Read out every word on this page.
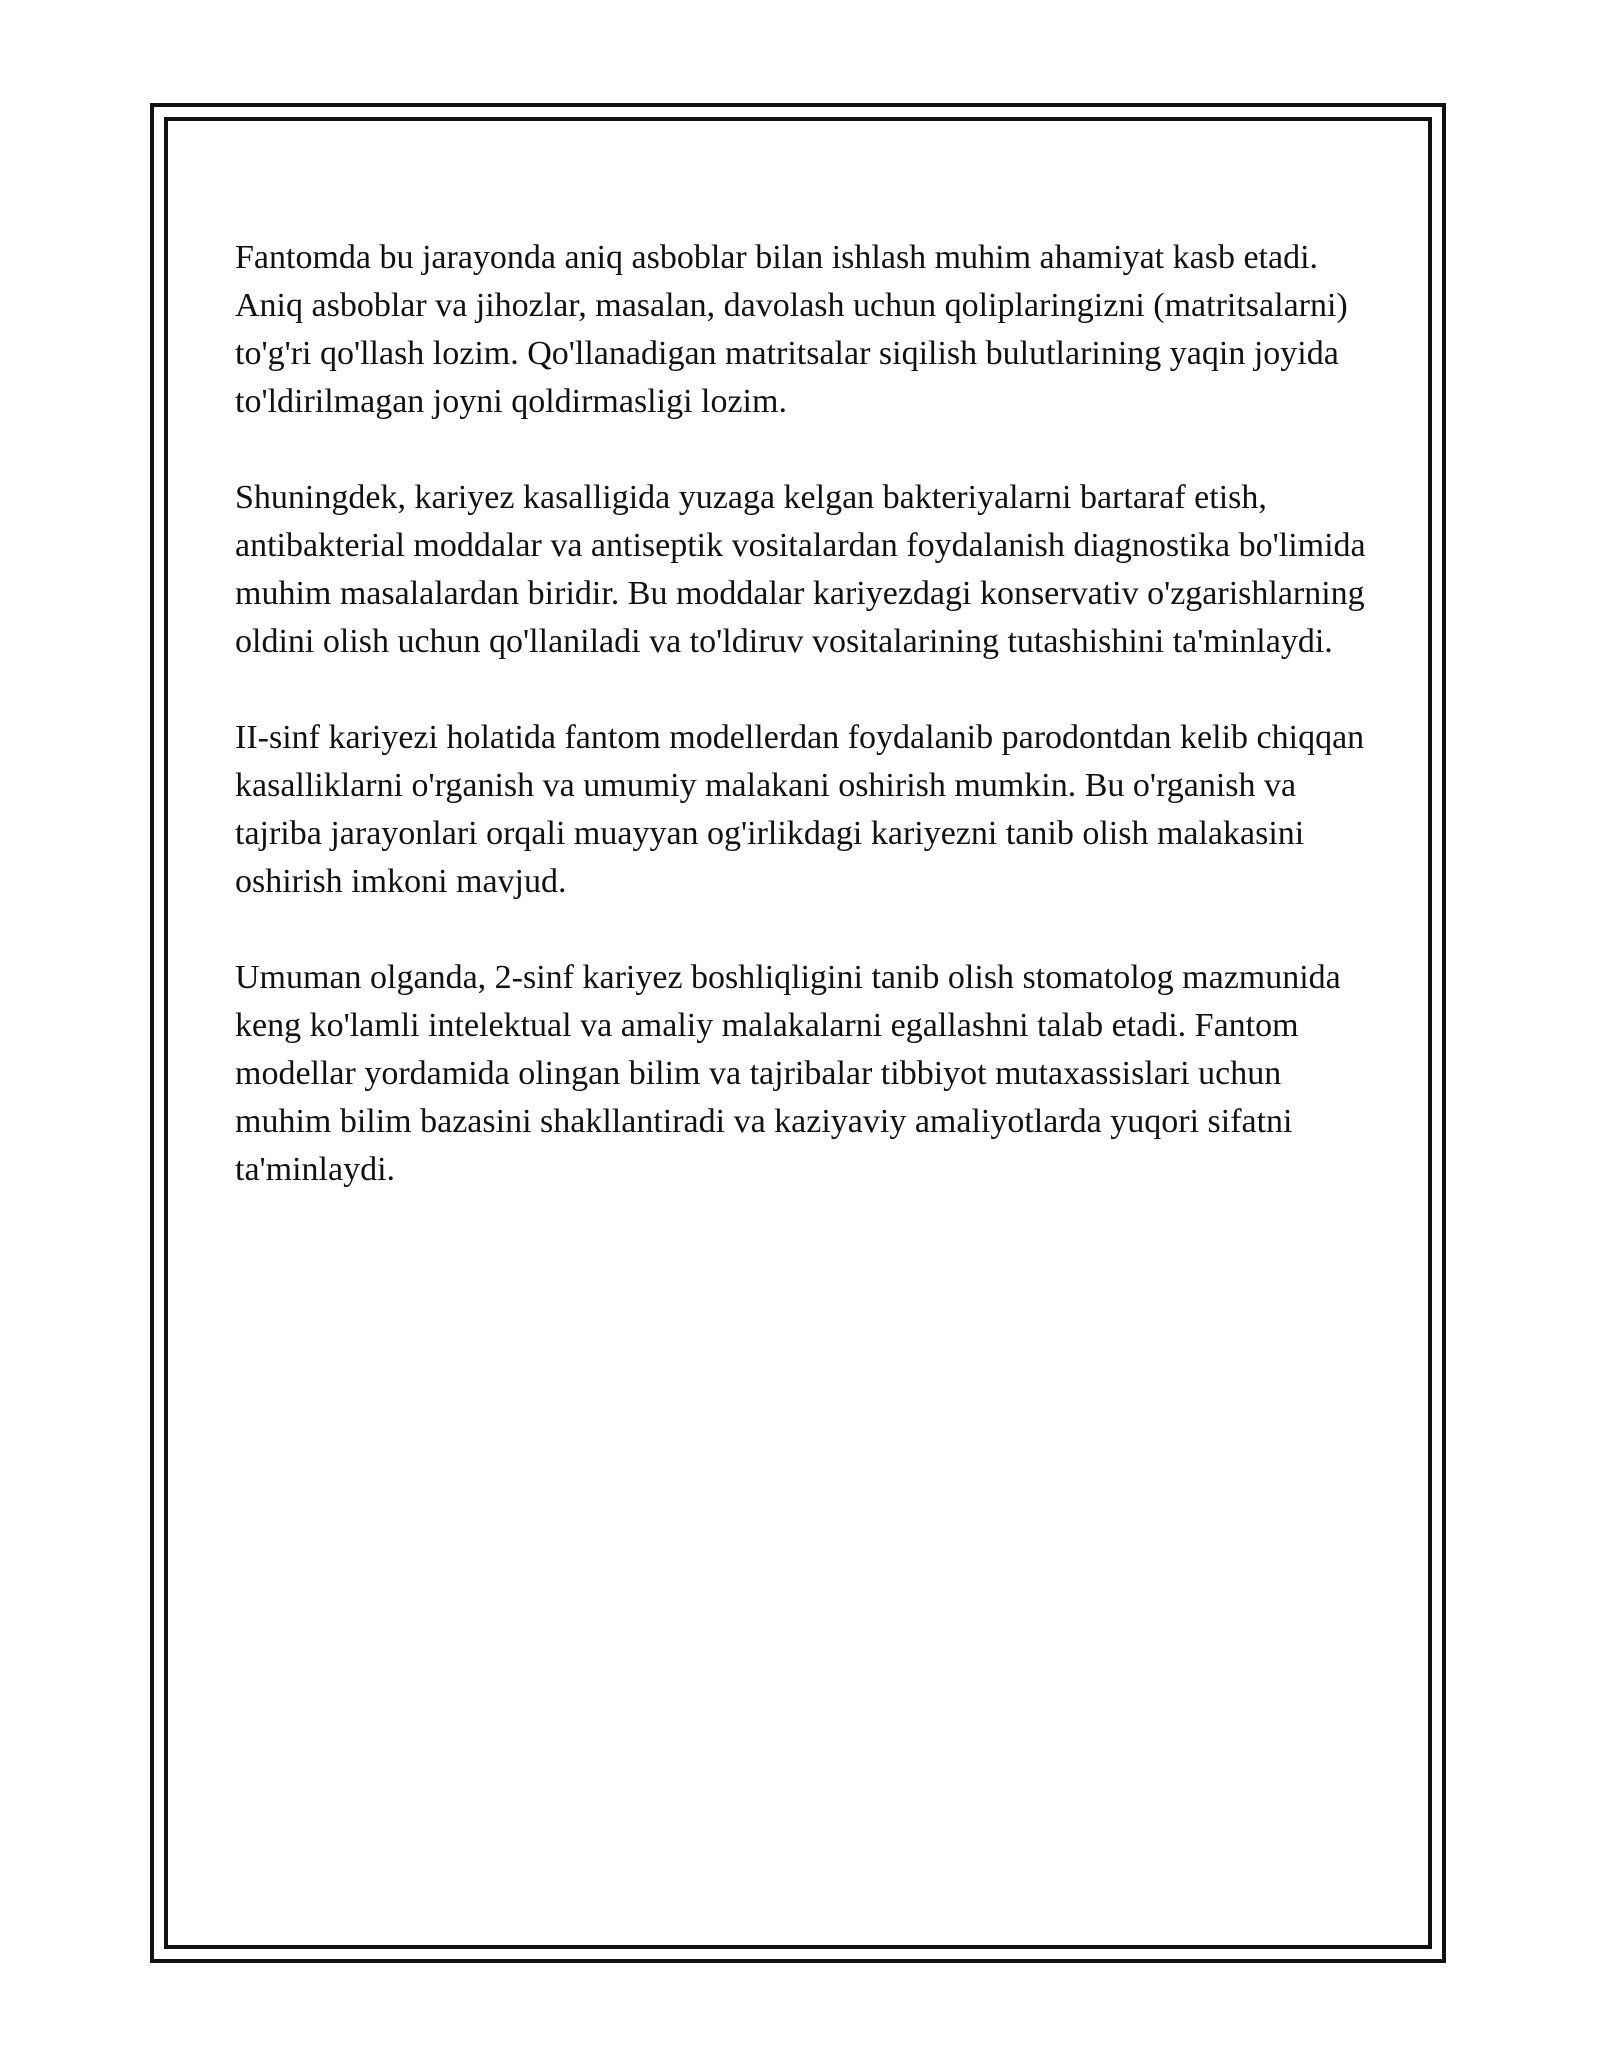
Fantomda bu jarayonda aniq asboblar bilan ishlash muhim ahamiyat kasb etadi. Aniq asboblar va jihozlar, masalan, davolash uchun qoliplaringizni (matritsalarni) to'g'ri qo'llash lozim. Qo'llanadigan matritsalar siqilish bulutlarining yaqin joyida to'ldirilmagan joyni qoldirmasligi lozim.

Shuningdek, kariyez kasalligida yuzaga kelgan bakteriyalarni bartaraf etish, antibakterial moddalar va antiseptik vositalardan foydalanish diagnostika bo'limida muhim masalalardan biridir. Bu moddalar kariyezdagi konservativ o'zgarishlarning oldini olish uchun qo'llaniladi va to'ldiruv vositalarining tutashishini ta'minlaydi.

II-sinf kariyezi holatida fantom modellerdan foydalanib parodontdan kelib chiqqan kasalliklarni o'rganish va umumiy malakani oshirish mumkin. Bu o'rganish va tajriba jarayonlari orqali muayyan og'irlikdagi kariyezni tanib olish malakasini oshirish imkoni mavjud.

Umuman olganda, 2-sinf kariyez boshliqligini tanib olish stomatolog mazmunida keng ko'lamli intelektual va amaliy malakalarni egallashni talab etadi. Fantom modellar yordamida olingan bilim va tajribalar tibbiyot mutaxassislari uchun muhim bilim bazasini shakllantiradi va kaziyaviy amaliyotlarda yuqori sifatni ta'minlaydi.
